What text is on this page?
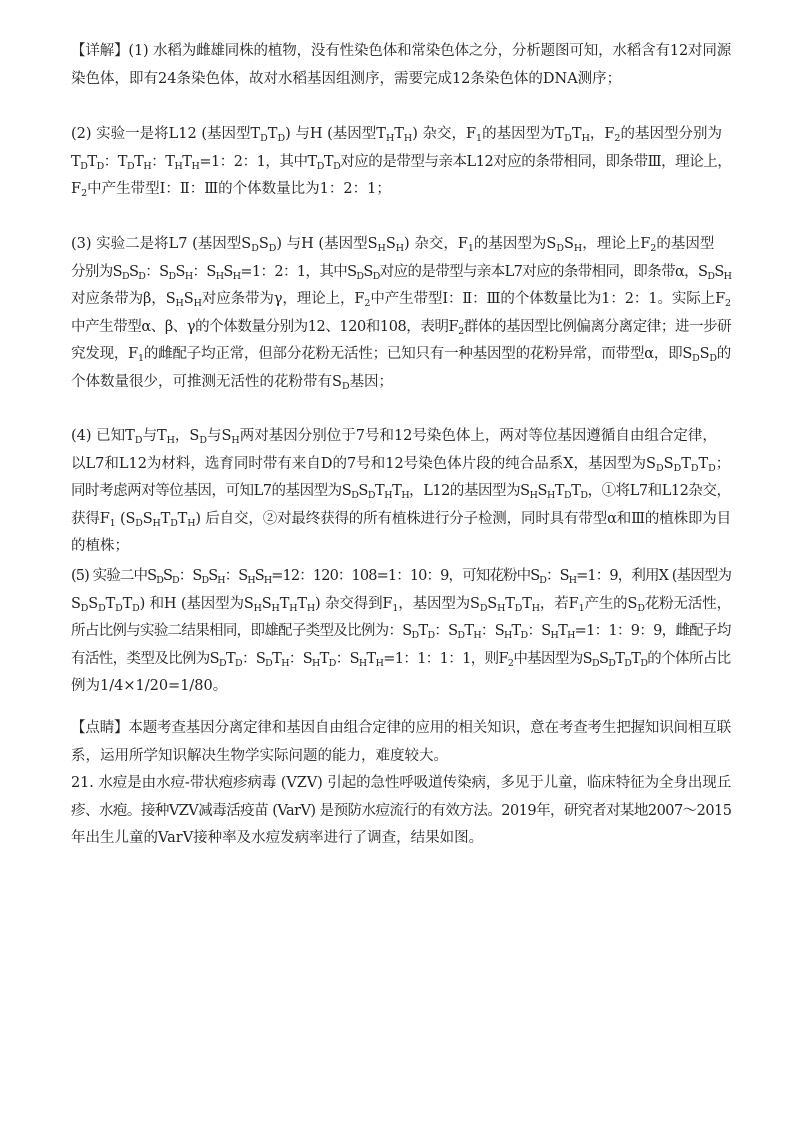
【详解】(1) 水稻为雌雄同株的植物，没有性染色体和常染色体之分，分析题图可知，水稻含有12对同源
染色体，即有24条染色体，故对水稻基因组测序，需要完成12条染色体的DNA测序；
(2) 实验一是将L12 (基因型$T_DT_D$) 与H (基因型$T_HT_H$) 杂交，$F_1$的基因型为$T_DT_H$，$F_2$的基因型分别为
$T_DT_D$：$T_DT_H$：$T_HT_H=1$：2：1，其中$T_DT_D$对应的是带型与亲本L12对应的条带相同，即条带Ⅲ，理论上，
$F_2$中产生带型Ⅰ：Ⅱ：Ⅲ的个体数量比为1：2：1；
(3) 实验二是将L7 (基因型$S_DS_D$) 与H (基因型$S_HS_H$) 杂交，$F_1$的基因型为$S_DS_H$，理论上$F_2$的基因型
分别为$S_DS_D$：$S_DS_H$：$S_HS_H=1$：2：1，其中$S_DS_D$对应的是带型与亲本L7对应的条带相同，即条带α，$S_DS_H$
对应条带为β，$S_HS_H$对应条带为γ，理论上，$F_2$中产生带型Ⅰ：Ⅱ：Ⅲ的个体数量比为1：2：1。实际上$F_2$
中产生带型α、β、γ的个体数量分别为12、120和108，表明$F_2$群体的基因型比例偏离分离定律；进一步研
究发现，$F_1$的雌配子均正常，但部分花粉无活性；已知只有一种基因型的花粉异常，而带型α，即$S_DS_D$的
个体数量很少，可推测无活性的花粉带有$S_D$基因；
(4) 已知$T_D$与$T_H$，$S_D$与$S_H$两对基因分别位于7号和12号染色体上，两对等位基因遵循自由组合定律，
以L7和L12为材料，选育同时带有来自D的7号和12号染色体片段的纯合品系X，基因型为$S_DS_DT_DT_D$；
同时考虑两对等位基因，可知L7的基因型为$S_DS_DT_HT_H$，L12的基因型为$S_HS_HT_DT_D$，①将L7和L12杂交，
获得$F_1$ $(S_DS_HT_DT_H)$ 后自交，②对最终获得的所有植株进行分子检测，同时具有带型α和Ⅲ的植株即为目
的植株；
(5) 实验二中$S_DS_D$：$S_DS_H$：$S_HS_H=12$：120：108=1：10：9，可知花粉中$S_D$：$S_H=1$：9，利用X (基因型为
$S_DS_DT_DT_D$) 和H (基因型为$S_HS_HT_HT_H$) 杂交得到$F_1$，基因型为$S_DS_HT_DT_H$，若$F_1$产生的$S_D$花粉无活性，
所占比例与实验二结果相同，即雄配子类型及比例为：$S_DT_D$：$S_DT_H$：$S_HT_D$：$S_HT_H=1$：1：9：9，雌配子均
有活性，类型及比例为$S_DT_D$：$S_DT_H$：$S_HT_D$：$S_HT_H=1$：1：1：1，则$F_2$中基因型为$S_DS_DT_DT_D$的个体所占比
例为1/4×1/20=1/80。
【点睛】本题考查基因分离定律和基因自由组合定律的应用的相关知识，意在考查考生把握知识间相互联
系，运用所学知识解决生物学实际问题的能力，难度较大。
21. 水痘是由水痘-带状疱疹病毒 (VZV) 引起的急性呼吸道传染病，多见于儿童，临床特征为全身出现丘
疹、水疱。接种VZV减毒活疫苗 (VarV) 是预防水痘流行的有效方法。2019年，研究者对某地2007～2015
年出生儿童的VarV接种率及水痘发病率进行了调查，结果如图。
